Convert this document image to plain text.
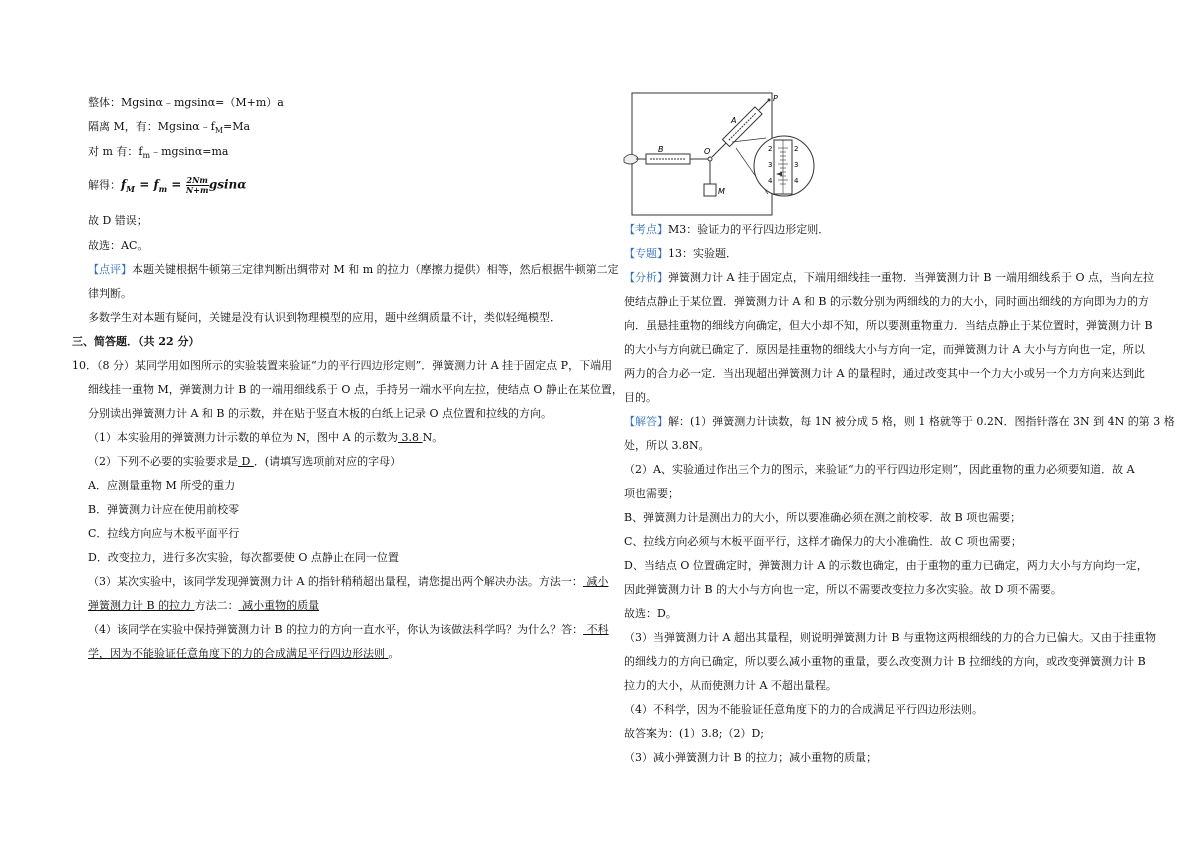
整体：Mgsinα﹣mgsinα=（M+m）a
隔离 M，有：$Mgsin\alpha﹣f_M=Ma$
对 m 有：$f_m﹣mgsin\alpha=ma$
解得：$f_M = f_m = \frac{2Nm}{N+m}$ gsinα
故 D 错误；
故选：AC。
【点评】本题关键根据牛顿第三定律判断出绸带对 M 和 m 的拉力（摩擦力提供）相等，然后根据牛顿第二定
律判断。
多数学生对本题有疑问，关键是没有认识到物理模型的应用，题中丝绸质量不计，类似轻绳模型．
三、简答题．（共 22 分）
10．（8 分）某同学用如图所示的实验装置来验证“力的平行四边形定则”．弹簧测力计 A 挂于固定点 P，下端用
细线挂一重物 M，弹簧测力计 B 的一端用细线系于 O 点，手持另一端水平向左拉，使结点 O 静止在某位置，
分别读出弹簧测力计 A 和 B 的示数，并在贴于竖直木板的白纸上记录 O 点位置和拉线的方向。
（1）本实验用的弹簧测力计示数的单位为 N，图中 A 的示数为 3.8 N。
（2）下列不必要的实验要求是 D ．(请填写选项前对应的字母）
A．应测量重物 M 所受的重力
B．弹簧测力计应在使用前校零
C．拉线方向应与木板平面平行
D．改变拉力，进行多次实验，每次都要使 O 点静止在同一位置
（3）某次实验中，该同学发现弹簧测力计 A 的指针稍稍超出量程，请您提出两个解决办法。方法一： 减小
弹簧测力计 B 的拉力 方法二： 减小重物的质量
（4）该同学在实验中保持弹簧测力计 B 的拉力的方向一直水平，你认为该做法科学吗？为什么？答： 不科
学，因为不能验证任意角度下的力的合成满足平行四边形法则 。
B	O
M
P
A
2
3
4
2
3
4
【考点】M3：验证力的平行四边形定则．
【专题】13：实验题．
【分析】弹簧测力计 A 挂于固定点，下端用细线挂一重物．当弹簧测力计 B 一端用细线系于 O 点，当向左拉
使结点静止于某位置．弹簧测力计 A 和 B 的示数分别为两细线的力的大小，同时画出细线的方向即为力的方
向．虽悬挂重物的细线方向确定，但大小却不知，所以要测重物重力．当结点静止于某位置时，弹簧测力计 B
的大小与方向就已确定了．原因是挂重物的细线大小与方向一定，而弹簧测力计 A 大小与方向也一定，所以
两力的合力必一定．当出现超出弹簧测力计 A 的量程时，通过改变其中一个力大小或另一个力方向来达到此
目的。
【解答】解：(1）弹簧测力计读数，每 1N 被分成 5 格，则 1 格就等于 0.2N．图指针落在 3N 到 4N 的第 3 格
处，所以 3.8N。
（2）A、实验通过作出三个力的图示，来验证“力的平行四边形定则”，因此重物的重力必须要知道．故 A
项也需要；
B、弹簧测力计是测出力的大小，所以要准确必须在测之前校零．故 B 项也需要；
C、拉线方向必须与木板平面平行，这样才确保力的大小准确性．故 C 项也需要；
D、当结点 O 位置确定时，弹簧测力计 A 的示数也确定，由于重物的重力已确定，两力大小与方向均一定，
因此弹簧测力计 B 的大小与方向也一定，所以不需要改变拉力多次实验。故 D 项不需要。
故选：D。
（3）当弹簧测力计 A 超出其量程，则说明弹簧测力计 B 与重物这两根细线的力的合力已偏大。又由于挂重物
的细线力的方向已确定，所以要么减小重物的重量，要么改变测力计 B 拉细线的方向，或改变弹簧测力计 B
拉力的大小，从而使测力计 A 不超出量程。
（4）不科学，因为不能验证任意角度下的力的合成满足平行四边形法则。
故答案为：(1）3.8;（2）D;
（3）减小弹簧测力计 B 的拉力；减小重物的质量；
